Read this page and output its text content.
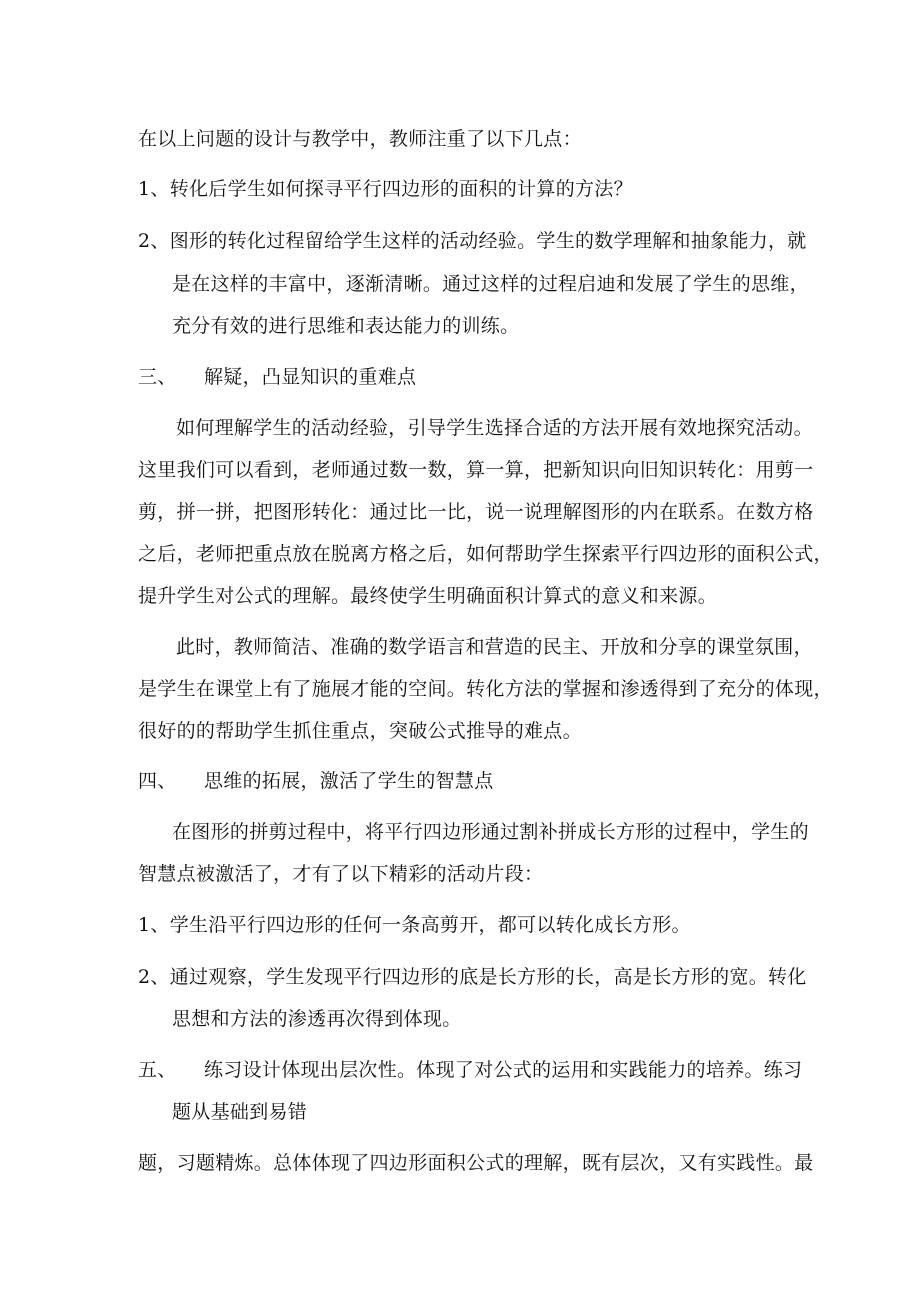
在以上问题的设计与教学中，教师注重了以下几点：
1、转化后学生如何探寻平行四边形的面积的计算的方法？
2、图形的转化过程留给学生这样的活动经验。学生的数学理解和抽象能力，就
是在这样的丰富中，逐渐清晰。通过这样的过程启迪和发展了学生的思维，
充分有效的进行思维和表达能力的训练。
三、 解疑，凸显知识的重难点
如何理解学生的活动经验，引导学生选择合适的方法开展有效地探究活动。
这里我们可以看到，老师通过数一数，算一算，把新知识向旧知识转化：用剪一
剪，拼一拼，把图形转化：通过比一比，说一说理解图形的内在联系。在数方格
之后，老师把重点放在脱离方格之后，如何帮助学生探索平行四边形的面积公式，
提升学生对公式的理解。最终使学生明确面积计算式的意义和来源。
此时，教师简洁、准确的数学语言和营造的民主、开放和分享的课堂氛围，
是学生在课堂上有了施展才能的空间。转化方法的掌握和渗透得到了充分的体现，
很好的的帮助学生抓住重点，突破公式推导的难点。
四、 思维的拓展，激活了学生的智慧点
在图形的拼剪过程中，将平行四边形通过割补拼成长方形的过程中，学生的
智慧点被激活了，才有了以下精彩的活动片段：
1、学生沿平行四边形的任何一条高剪开，都可以转化成长方形。
2、通过观察，学生发现平行四边形的底是长方形的长，高是长方形的宽。转化
思想和方法的渗透再次得到体现。
五、 练习设计体现出层次性。体现了对公式的运用和实践能力的培养。练习
题从基础到易错
题，习题精炼。总体体现了四边形面积公式的理解，既有层次，又有实践性。最
